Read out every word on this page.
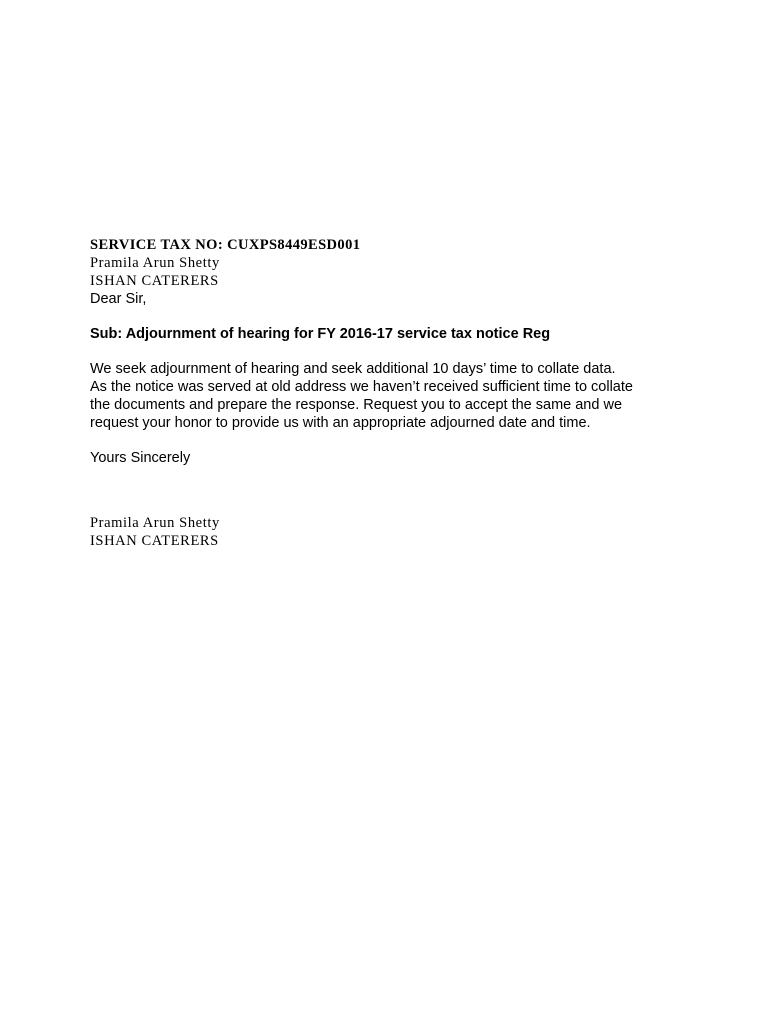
SERVICE TAX NO: CUXPS8449ESD001
Pramila Arun Shetty
ISHAN CATERERS
Dear Sir,
Sub: Adjournment of hearing for FY 2016-17 service tax notice Reg
We seek adjournment of hearing and seek additional 10 days’ time to collate data.
As the notice was served at old address we haven’t received sufficient time to collate
the documents and prepare the response. Request you to accept the same and we
request your honor to provide us with an appropriate adjourned date and time.
Yours Sincerely
Pramila Arun Shetty
ISHAN CATERERS
